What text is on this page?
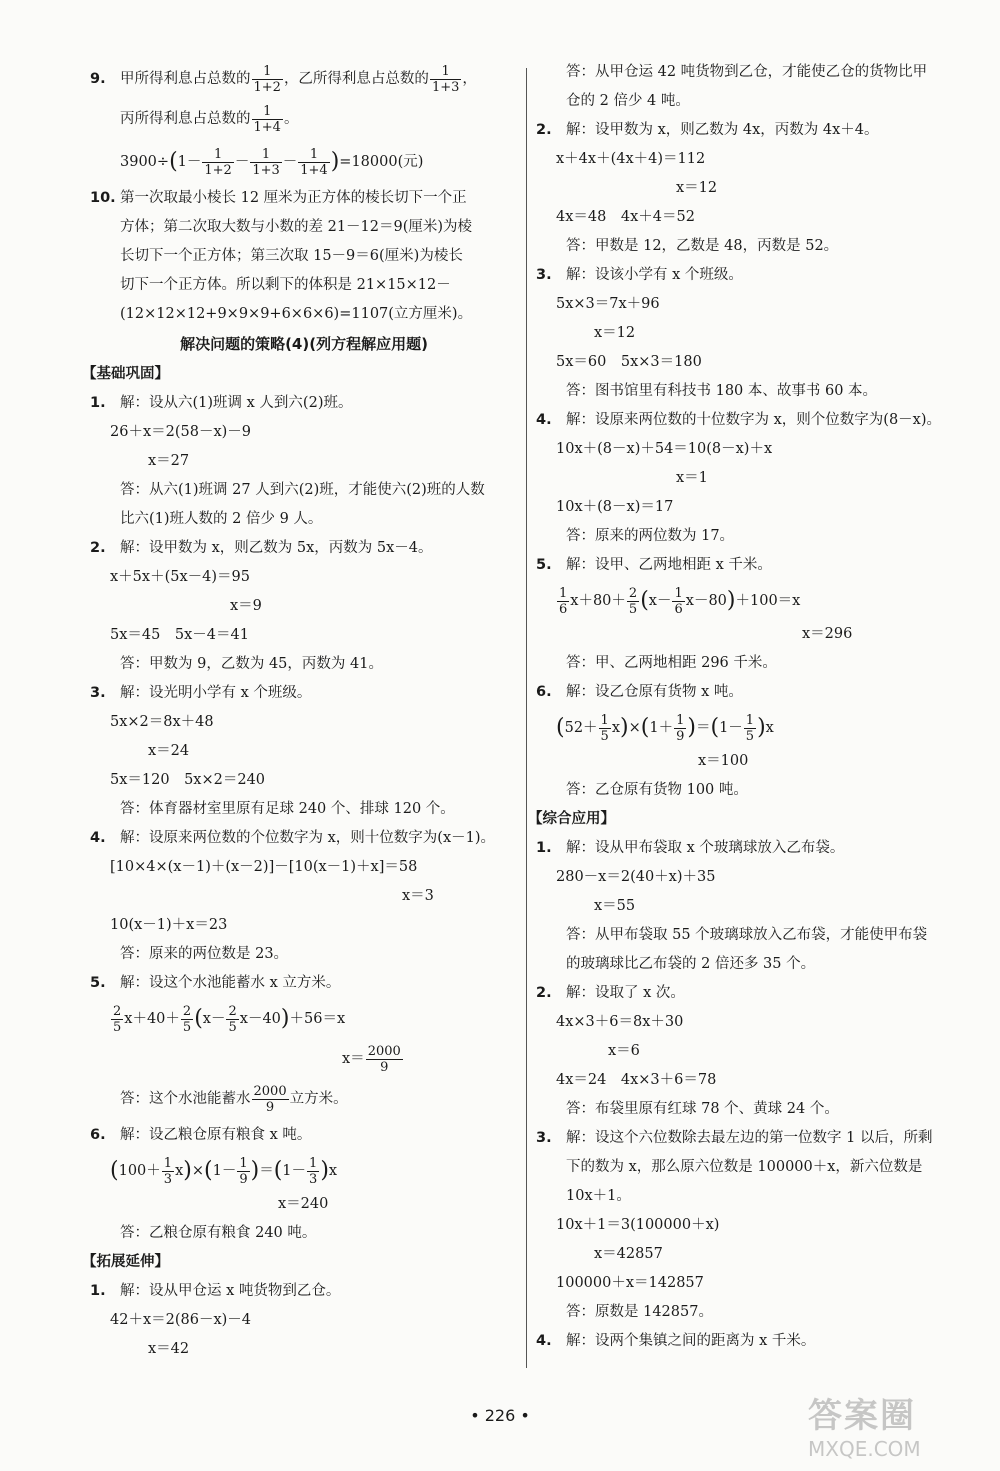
9. 甲所得利息占总数的 $\frac{1}{1+2}$ ，乙所得利息占总数的 $\frac{1}{1+3}$ ，
丙所得利息占总数的 $\frac{1}{1+4}$ 。
$3900\div(1- \frac{1}{1+2} - \frac{1}{1+3} - \frac{1}{1+4} )=18000$(元)
10. 第一次取最小棱长 12 厘米为正方体的棱长切下一个正
方体；第二次取大数与小数的差 21－12＝9(厘米)为棱
长切下一个正方体；第三次取 15－9＝6(厘米)为棱长
切下一个正方体。所以剩下的体积是 21×15×12－
(12×12×12+9×9×9+6×6×6)=1107(立方厘米)。
解决问题的策略(4)(列方程解应用题)
【基础巩固】
1. 解：设从六(1)班调 x 人到六(2)班。
26＋x＝2(58－x)－9
x＝27
答：从六(1)班调 27 人到六(2)班，才能使六(2)班的人数
比六(1)班人数的 2 倍少 9 人。
2. 解：设甲数为 x，则乙数为 5x，丙数为 5x－4。
x＋5x＋(5x－4)＝95
x＝9
5x＝45　5x－4＝41
答：甲数为 9，乙数为 45，丙数为 41。
3. 解：设光明小学有 x 个班级。
5x×2＝8x＋48
x＝24
5x＝120　5x×2＝240
答：体育器材室里原有足球 240 个、排球 120 个。
4. 解：设原来两位数的个位数字为 x，则十位数字为(x－1)。
[10×4×(x－1)＋(x－2)]－[10(x－1)＋x]＝58
x＝3
10(x－1)＋x＝23
答：原来的两位数是 23。
5. 解：设这个水池能蓄水 x 立方米。
$\frac{2}{5} x+40+ \frac{2}{5} (x- \frac{2}{5} x-40)+56=x$
$x= \frac{2000}{9}$
答：这个水池能蓄水 $\frac{2000}{9}$ 立方米。
6. 解：设乙粮仓原有粮食 x 吨。
$(100+ \frac{1}{3} x)\times(1- \frac{1}{9} )=(1- \frac{1}{3} )x$
x＝240
答：乙粮仓原有粮食 240 吨。
【拓展延伸】
1. 解：设从甲仓运 x 吨货物到乙仓。
42＋x＝2(86－x)－4
x＝42
答：从甲仓运 42 吨货物到乙仓，才能使乙仓的货物比甲
仓的 2 倍少 4 吨。
2. 解：设甲数为 x，则乙数为 4x，丙数为 4x＋4。
x＋4x＋(4x＋4)＝112
x＝12
4x＝48　4x＋4＝52
答：甲数是 12，乙数是 48，丙数是 52。
3. 解：设该小学有 x 个班级。
5x×3＝7x＋96
x＝12
5x＝60　5x×3＝180
答：图书馆里有科技书 180 本、故事书 60 本。
4. 解：设原来两位数的十位数字为 x，则个位数字为(8－x)。
10x＋(8－x)＋54＝10(8－x)＋x
x＝1
10x＋(8－x)＝17
答：原来的两位数为 17。
5. 解：设甲、乙两地相距 x 千米。
$\frac{1}{6} x+80+ \frac{2}{5} (x- \frac{1}{6} x-80)+100=x$
x＝296
答：甲、乙两地相距 296 千米。
6. 解：设乙仓原有货物 x 吨。
$(52+ \frac{1}{5} x)\times(1+ \frac{1}{9} )=(1- \frac{1}{5} )x$
x＝100
答：乙仓原有货物 100 吨。
【综合应用】
1. 解：设从甲布袋取 x 个玻璃球放入乙布袋。
280－x＝2(40＋x)＋35
x＝55
答：从甲布袋取 55 个玻璃球放入乙布袋，才能使甲布袋
的玻璃球比乙布袋的 2 倍还多 35 个。
2. 解：设取了 x 次。
4x×3＋6＝8x＋30
x＝6
4x＝24　4x×3＋6＝78
答：布袋里原有红球 78 个、黄球 24 个。
3. 解：设这个六位数除去最左边的第一位数字 1 以后，所剩
下的数为 x，那么原六位数是 100000＋x，新六位数是
10x＋1。
10x＋1＝3(100000＋x)
x＝42857
100000＋x＝142857
答：原数是 142857。
4. 解：设两个集镇之间的距离为 x 千米。
• 226 •	答案圈
MXQE.COM
